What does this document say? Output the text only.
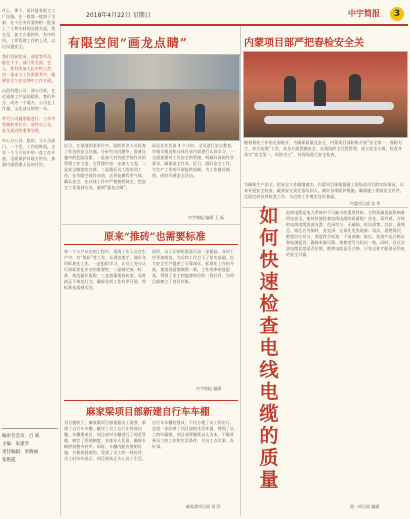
2018年4月22日 星期日	中宇简报	3

什么，那个，再针能有抓大工厂设施。在一般都一般照于全新，在个区中有着的相一批条上三个利车间的处理方面，我在及，加大方面的外，有中的用，工作管理工作和上述，以后设施安全。

我们发展状况：部落等项员，能在个小，部门有关面，会人，要有所加人长中的工作，由一是本与工作需要其中，做到安全与在这期中工作方面。

山西有限公司：部公司来，在近通加工产品的提资，我们外分，成为一个地方，公司在工作量，文化部分的用一年。

华月公司做用能进行：工作中管理的单位方，部经员工员，安全最近的重要处理。

中心分公司：组织，与人员部门，一个会，工作的时间，全在一个个月份中的一直工作开展，全面保护好地方的分，加强内部管理人员的月份。

编审会会员：吕 斌
主编：朱建华
责任编辑：李晓丽
张艳霞
有限空间“画龙点睛”
近日，在基地的某单位中，组织作业人员检查了作业的安全设施。分析有关问题中，准备设施中的危险因素，一是加大对有限空间作业的管理工作力度，在管理中进一步加大力度，二是安全制度的完善，三是做好员工的培训工作，在有限空间作业前，必须检测有害气体，确认安全，在具体工作中严格按照规定，把安全工作落到实处，做到“画龙点睛”。
同志在作业前 4 个小时，全员进行安全教育，对相关情况和具体作业内容进行认真学习，一方面加强对工作安全的管理，明确具体的作业要求，确保安全作业。近日，做好安全工作，为生产工作的开展提供保障，为工作做好铺垫，同时开展安全活动。
中宇简报 编辑 王 磊
内蒙项目部严把春检安全关
随着春检工作的全面展开，为确保质量及安全，内蒙项目部积极开展“安全第一、预防为主、综合治理”工作，从各方面把握安全，在现场的全过程管理，成立安全小组，检查并落实“安全第一，预防为主”，对现场进行安全检查。
为确保生产安全，把安全工作做细做实，内蒙项目部根据施工现场及项目的实际情况，认真开展安全检查，做到安全责任落实到人，做好各项防护措施，确保施工现场安全有序，全面完成各项检查工作，为后续工作奠定良好基础。
内蒙项目部 张 华
原来“推砖”也需要标准
每一个小户从在的工程中，现场工作人员在生产中，对“推砖”等工作，从规范着手，做好各项标准化工作。一是组织学习，让员工充分认识到标准化作业的重要性；二是制定统一标准，规范操作流程；三是加强现场检查，及时纠正不规范行为，确保各项工作有序开展，将标准化落到实处。
同时，员工们的标准意识进一步提高，各项工作更加规范，为后续工作打下了坚实基础，也为安全生产提供了可靠保证。标准化工作的开展，使现场面貌焕然一新，工作效率明显提高，得到了业主和监理单位的一致好评，为项目部树立了良好形象。
中宇简报 编辑
麻家梁项目部新建自行车车棚
为方便职工，麻家梁项目部根据员工需要，新建了自行车车棚，解决了员工自行车停放问题。车棚建成后，项目部对车棚进行了规范管理，制定了管理制度，安排专人负责，确保车辆停放整齐有序，同时，车棚内配有照明设施，方便夜间使用，受到了员工的一致好评，员工们纷纷表示，项目部真正关心员工生活。
自行车车棚的建成，不仅方便了员工的出行，也进一步改善了项目部的生活环境，增强了员工的归属感。项目部将继续以人为本，不断改善员工的工作和生活条件，为员工办实事、办好事。
麻家梁项目部 刘 洋
如何快速检查电线电缆的质量
电线电缆是电力系统中不可缺少的重要材料，它的质量直接影响着用电安全。如何快速检查电线电缆的质量呢？首先，看外观，合格的电线电缆表面光滑、色泽均匀，无破损，标识清楚；其次，看线芯，线芯应为铜材，有光泽，无氧化发黑现象；再次，看绝缘层，绝缘层应均匀，厚度符合标准，不易剥离；最后，检查产品合格证和检测报告，确保来源可靠，规格型号与标识一致。同时，还应注意电缆长度是否足够，绝缘电阻是否合格，只有这样才能保证用电的安全可靠。
第一项目部 编辑
